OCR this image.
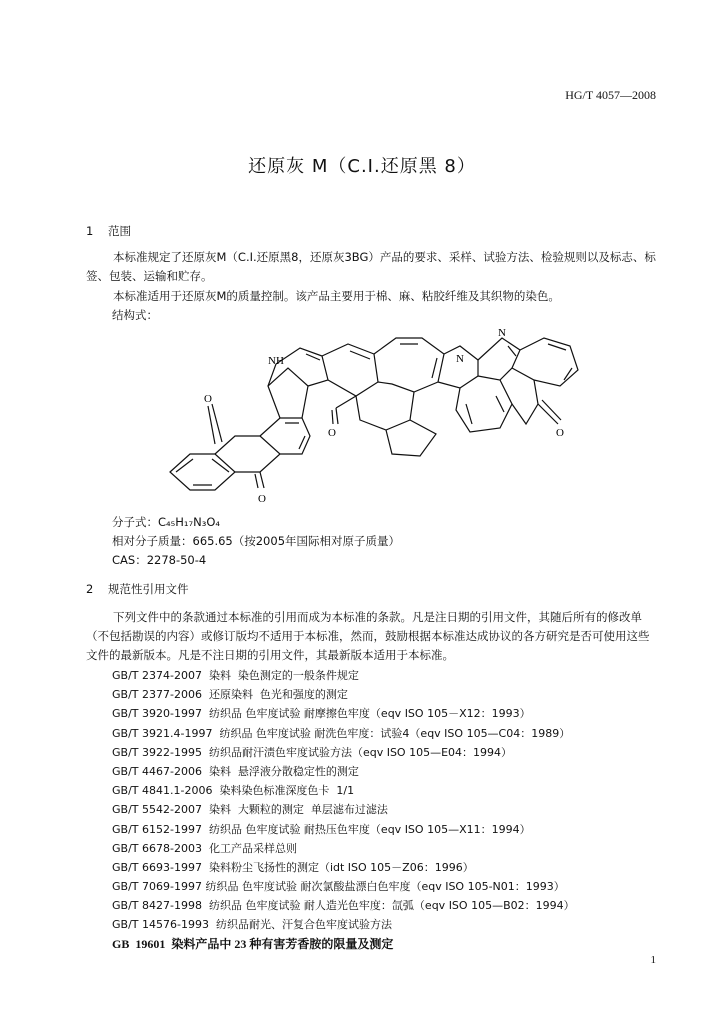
HG/T 4057—2008
还原灰 M（C.I.还原黑 8）
1 范围
本标准规定了还原灰M（C.I.还原黑8，还原灰3BG）产品的要求、采样、试验方法、检验规则以及标志、标签、包装、运输和贮存。
本标准适用于还原灰M的质量控制。该产品主要用于棉、麻、粘胶纤维及其织物的染色。
结构式：
NH
N
N
O
O	O
O
分子式：C₄₅H₁₇N₃O₄
相对分子质量：665.65（按2005年国际相对原子质量）
CAS：2278-50-4
2 规范性引用文件
下列文件中的条款通过本标准的引用而成为本标准的条款。凡是注日期的引用文件，其随后所有的修改单（不包括勘误的内容）或修订版均不适用于本标准，然而，鼓励根据本标准达成协议的各方研究是否可使用这些文件的最新版本。凡是不注日期的引用文件，其最新版本适用于本标准。
GB/T 2374-2007  染料  染色测定的一般条件规定
GB/T 2377-2006  还原染料  色光和强度的测定
GB/T 3920-1997  纺织品 色牢度试验 耐摩擦色牢度（eqv ISO 105－X12：1993）
GB/T 3921.4-1997  纺织品 色牢度试验 耐洗色牢度：试验4（eqv ISO 105—C04：1989）
GB/T 3922-1995  纺织品耐汗渍色牢度试验方法（eqv ISO 105—E04：1994）
GB/T 4467-2006  染料  悬浮液分散稳定性的测定
GB/T 4841.1-2006  染料染色标准深度色卡  1/1
GB/T 5542-2007  染料  大颗粒的测定  单层滤布过滤法
GB/T 6152-1997  纺织品 色牢度试验 耐热压色牢度（eqv ISO 105—X11：1994）
GB/T 6678-2003  化工产品采样总则
GB/T 6693-1997  染料粉尘飞扬性的测定（idt ISO 105－Z06：1996）
GB/T 7069-1997 纺织品 色牢度试验 耐次氯酸盐漂白色牢度（eqv ISO 105-N01：1993）
GB/T 8427-1998  纺织品 色牢度试验 耐人造光色牢度：氙弧（eqv ISO 105—B02：1994）
GB/T 14576-1993  纺织品耐光、汗复合色牢度试验方法
GB  19601  染料产品中 23 种有害芳香胺的限量及测定
1
